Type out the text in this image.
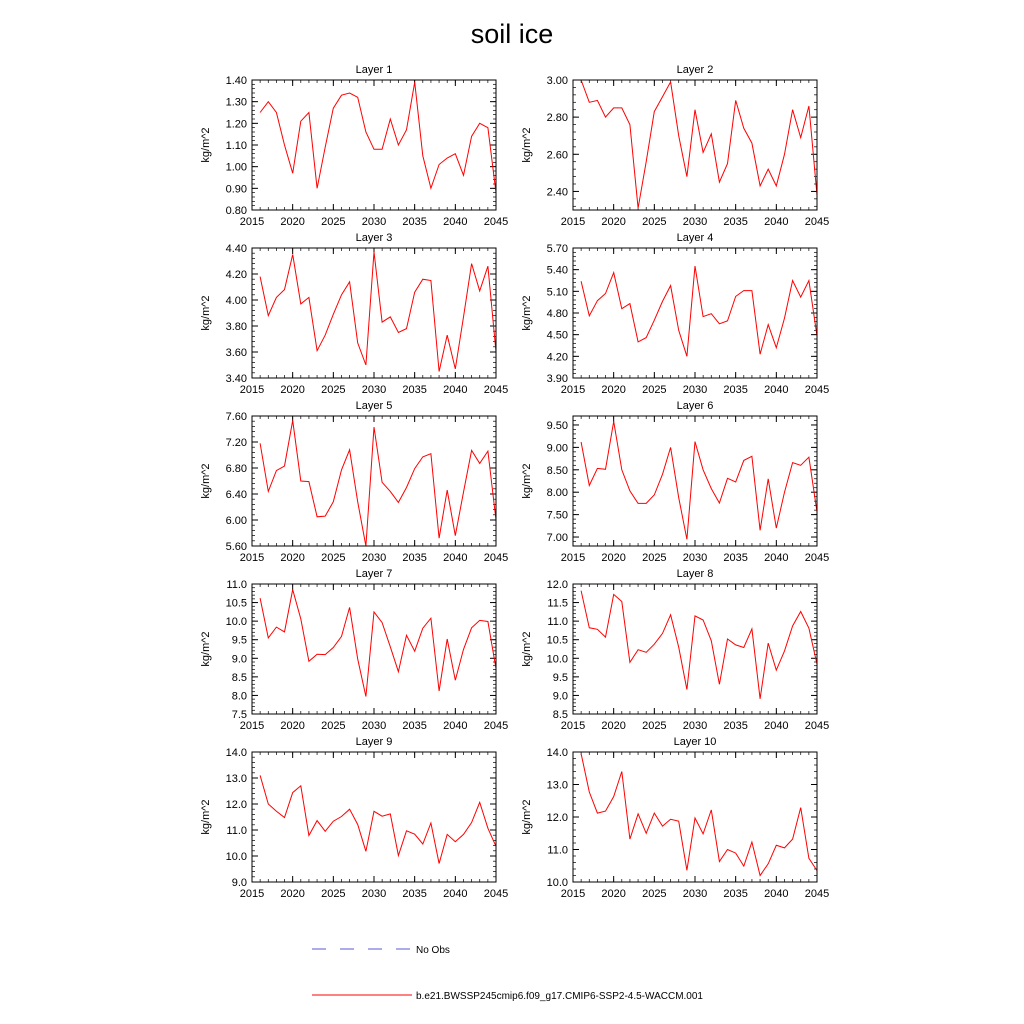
soil ice
Layer 1
kg/m^2
2015 2020 2025 2030 2035 2040 2045
0.80
0.90
1.00
1.10
1.20
1.30
1.40
Layer 2
kg/m^2
2015 2020 2025 2030 2035 2040 2045
2.40
2.60
2.80
3.00
Layer 3
kg/m^2
2015 2020 2025 2030 2035 2040 2045
3.40
3.60
3.80
4.00
4.20
4.40
Layer 4
kg/m^2
2015 2020 2025 2030 2035 2040 2045
3.90
4.20
4.50
4.80
5.10
5.40
5.70
Layer 5
kg/m^2
2015 2020 2025 2030 2035 2040 2045
5.60
6.00
6.40
6.80
7.20
7.60
Layer 6
kg/m^2
2015 2020 2025 2030 2035 2040 2045
7.00
7.50
8.00
8.50
9.00
9.50
Layer 7
kg/m^2
2015 2020 2025 2030 2035 2040 2045
7.5
8.0
8.5
9.0
9.5
10.0
10.5
11.0
Layer 8
kg/m^2
2015 2020 2025 2030 2035 2040 2045
8.5
9.0
9.5
10.0
10.5
11.0
11.5
12.0
Layer 9
kg/m^2
2015 2020 2025 2030 2035 2040 2045
9.0
10.0
11.0
12.0
13.0
14.0
Layer 10
kg/m^2
2015 2020 2025 2030 2035 2040 2045
10.0
11.0
12.0
13.0
14.0
No Obs
b.e21.BWSSP245cmip6.f09_g17.CMIP6-SSP2-4.5-WACCM.001
